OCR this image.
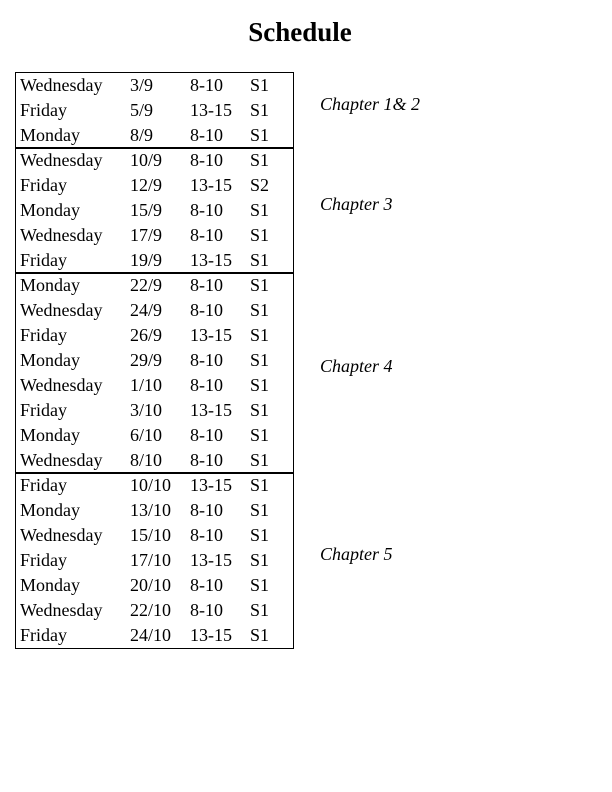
Schedule
Wednesday 3/9 8-10 S1
Friday	5/9 13-15 S1
Monday	8/9 8-10 S1
Chapter 1& 2
Wednesday 10/9 8-10 S1
Friday	12/9 13-15 S2
Monday	15/9 8-10 S1
Wednesday 17/9 8-10 S1
Friday	19/9 13-15 S1
Chapter 3
Monday	22/9 8-10 S1
Wednesday 24/9 8-10 S1
Friday	26/9 13-15 S1
Monday	29/9 8-10 S1
Wednesday 1/10 8-10 S1
Friday	3/10 13-15 S1
Monday	6/10 8-10 S1
Wednesday 8/10 8-10 S1
Chapter 4
Friday	10/10 13-15 S1
Monday	13/10 8-10 S1
Wednesday 15/10 8-10 S1
Friday	17/10 13-15 S1
Monday	20/10 8-10 S1
Wednesday 22/10 8-10 S1
Friday	24/10 13-15 S1
Chapter 5
